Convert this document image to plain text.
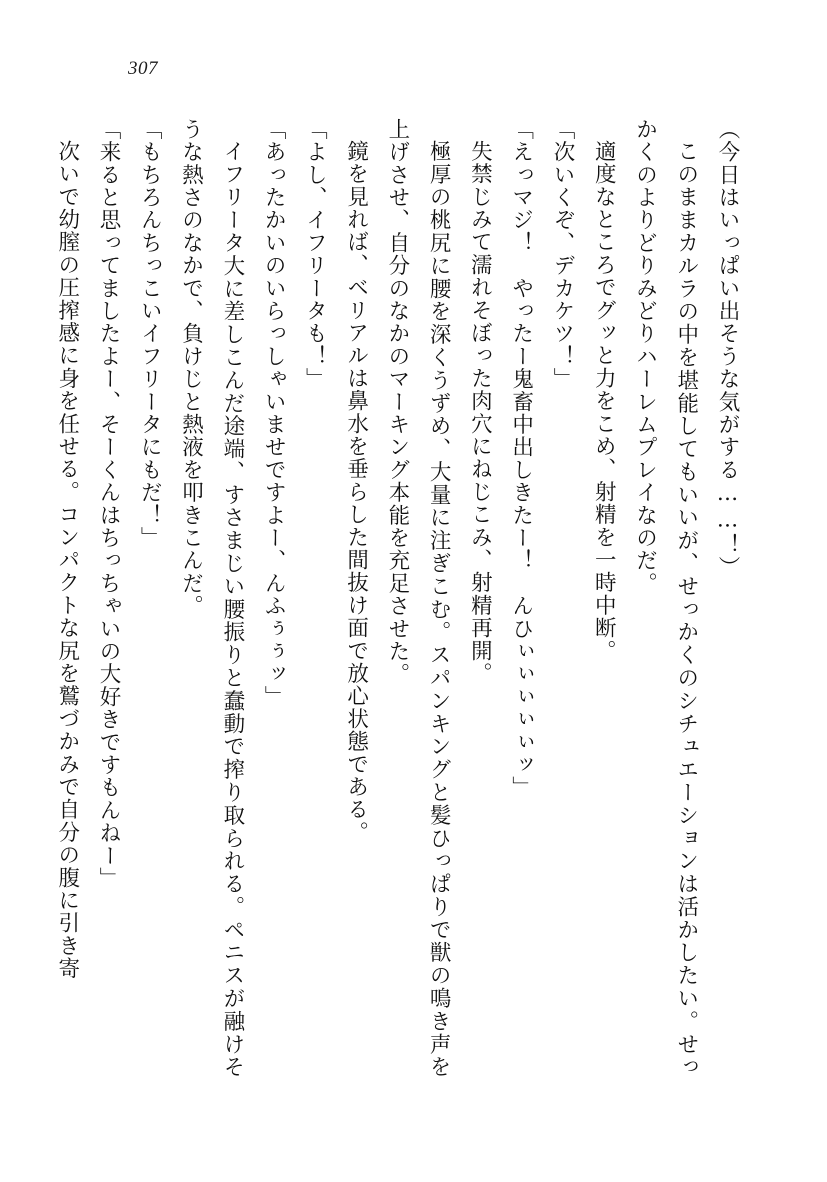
307

（今日はいっぱい出そうな気がする……！）

このままカルラの中を堪能してもいいが、せっかくのシチュエーションは活かしたい。せっかくのよりどりみどりハーレムプレイなのだ。

適度なところでグッと力をこめ、射精を一時中断。

「次いくぞ、デカケツ！」

「えっマジ！　やったー鬼畜中出しきたー！　んひぃぃぃぃぃッ」

失禁じみて濡れそぼった肉穴にねじこみ、射精再開。

極厚の桃尻に腰を深くうずめ、大量に注ぎこむ。スパンキングと髪ひっぱりで獣の鳴き声を上げさせ、自分のなかのマーキング本能を充足させた。

鏡を見れば、ベリアルは鼻水を垂らした間抜け面で放心状態である。

「よし、イフリータも！」

「あったかいのいらっしゃいませですよー、んふぅぅッ」

イフリータ大に差しこんだ途端、すさまじい腰振りと蠢動で搾り取られる。ペニスが融けそうな熱さのなかで、負けじと熱液を叩きこんだ。

「もちろんちっこいイフリータにもだ！」

「来ると思ってましたよー、そーくんはちっちゃいの大好きですもんねー」

次いで幼膣の圧搾感に身を任せる。コンパクトな尻を鷲づかみで自分の腹に引き寄
